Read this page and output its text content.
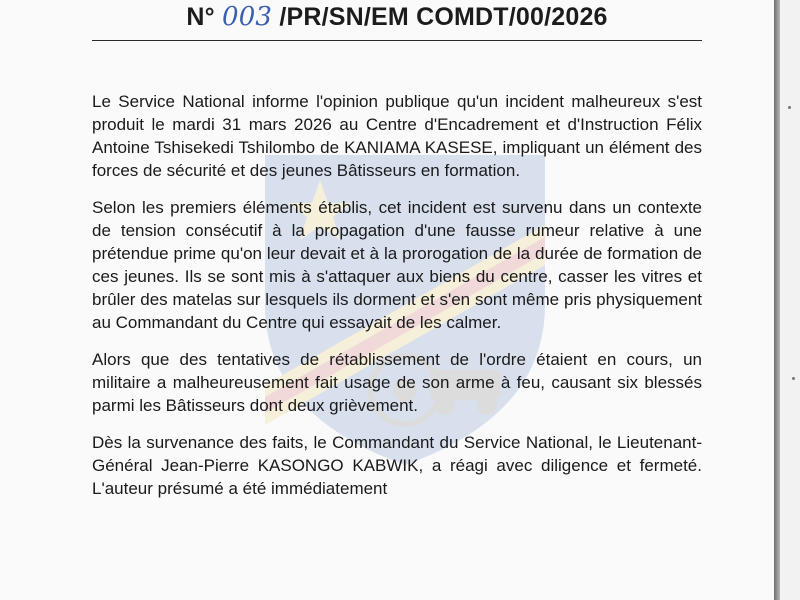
N° 003 /PR/SN/EM COMDT/00/2026

Le Service National informe l'opinion publique qu'un incident malheureux s'est produit le mardi 31 mars 2026 au Centre d'Encadrement et d'Instruction Félix Antoine Tshisekedi Tshilombo de KANIAMA KASESE, impliquant un élément des forces de sécurité et des jeunes Bâtisseurs en formation.

Selon les premiers éléments établis, cet incident est survenu dans un contexte de tension consécutif à la propagation d'une fausse rumeur relative à une prétendue prime qu'on leur devait et à la prorogation de la durée de formation de ces jeunes. Ils se sont mis à s'attaquer aux biens du centre, casser les vitres et brûler des matelas sur lesquels ils dorment et s'en sont même pris physiquement au Commandant du Centre qui essayait de les calmer.

Alors que des tentatives de rétablissement de l'ordre étaient en cours, un militaire a malheureusement fait usage de son arme à feu, causant six blessés parmi les Bâtisseurs dont deux grièvement.

Dès la survenance des faits, le Commandant du Service National, le Lieutenant-Général Jean-Pierre KASONGO KABWIK, a réagi avec diligence et fermeté. L'auteur présumé a été immédiatement
